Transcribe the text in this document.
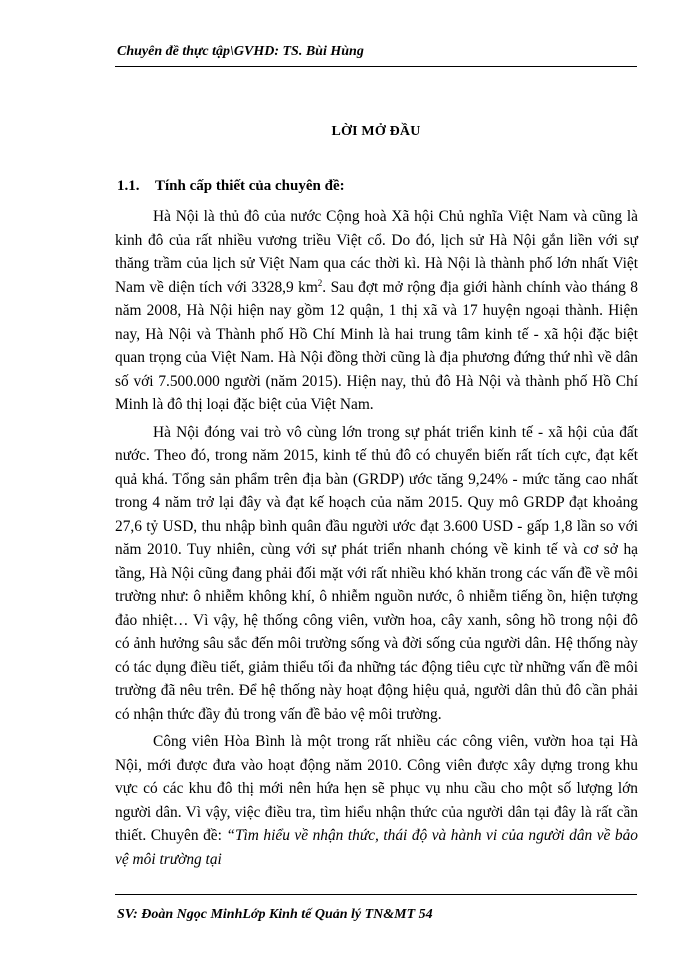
Chuyên đề thực tập\GVHD: TS. Bùi Hùng
LỜI MỞ ĐẦU
1.1. Tính cấp thiết của chuyên đề:

Hà Nội là thủ đô của nước Cộng hoà Xã hội Chủ nghĩa Việt Nam và cũng là kinh đô của rất nhiều vương triều Việt cổ. Do đó, lịch sử Hà Nội gắn liền với sự thăng trầm của lịch sử Việt Nam qua các thời kì. Hà Nội là thành phố lớn nhất Việt Nam về diện tích với 3328,9 $km^2$. Sau đợt mở rộng địa giới hành chính vào tháng 8 năm 2008, Hà Nội hiện nay gồm 12 quận, 1 thị xã và 17 huyện ngoại thành. Hiện nay, Hà Nội và Thành phố Hồ Chí Minh là hai trung tâm kinh tế - xã hội đặc biệt quan trọng của Việt Nam. Hà Nội đồng thời cũng là địa phương đứng thứ nhì về dân số với 7.500.000 người (năm 2015). Hiện nay, thủ đô Hà Nội và thành phố Hồ Chí Minh là đô thị loại đặc biệt của Việt Nam.

Hà Nội đóng vai trò vô cùng lớn trong sự phát triển kinh tế - xã hội của đất nước. Theo đó, trong năm 2015, kinh tế thủ đô có chuyển biến rất tích cực, đạt kết quả khá. Tổng sản phẩm trên địa bàn (GRDP) ước tăng 9,24% - mức tăng cao nhất trong 4 năm trở lại đây và đạt kế hoạch của năm 2015. Quy mô GRDP đạt khoảng 27,6 tỷ USD, thu nhập bình quân đầu người ước đạt 3.600 USD - gấp 1,8 lần so với năm 2010. Tuy nhiên, cùng với sự phát triển nhanh chóng về kinh tế và cơ sở hạ tầng, Hà Nội cũng đang phải đối mặt với rất nhiều khó khăn trong các vấn đề về môi trường như: ô nhiễm không khí, ô nhiễm nguồn nước, ô nhiễm tiếng ồn, hiện tượng đảo nhiệt… Vì vậy, hệ thống công viên, vườn hoa, cây xanh, sông hồ trong nội đô có ảnh hưởng sâu sắc đến môi trường sống và đời sống của người dân. Hệ thống này có tác dụng điều tiết, giảm thiểu tối đa những tác động tiêu cực từ những vấn đề môi trường đã nêu trên. Để hệ thống này hoạt động hiệu quả, người dân thủ đô cần phải có nhận thức đầy đủ trong vấn đề bảo vệ môi trường.

Công viên Hòa Bình là một trong rất nhiều các công viên, vườn hoa tại Hà Nội, mới được đưa vào hoạt động năm 2010. Công viên được xây dựng trong khu vực có các khu đô thị mới nên hứa hẹn sẽ phục vụ nhu cầu cho một số lượng lớn người dân. Vì vậy, việc điều tra, tìm hiểu nhận thức của người dân tại đây là rất cần thiết. Chuyên đề: “Tìm hiểu về nhận thức, thái độ và hành vi của người dân về bảo vệ môi trường tại

SV: Đoàn Ngọc MinhLớp Kinh tế Quản lý TN&MT 54
